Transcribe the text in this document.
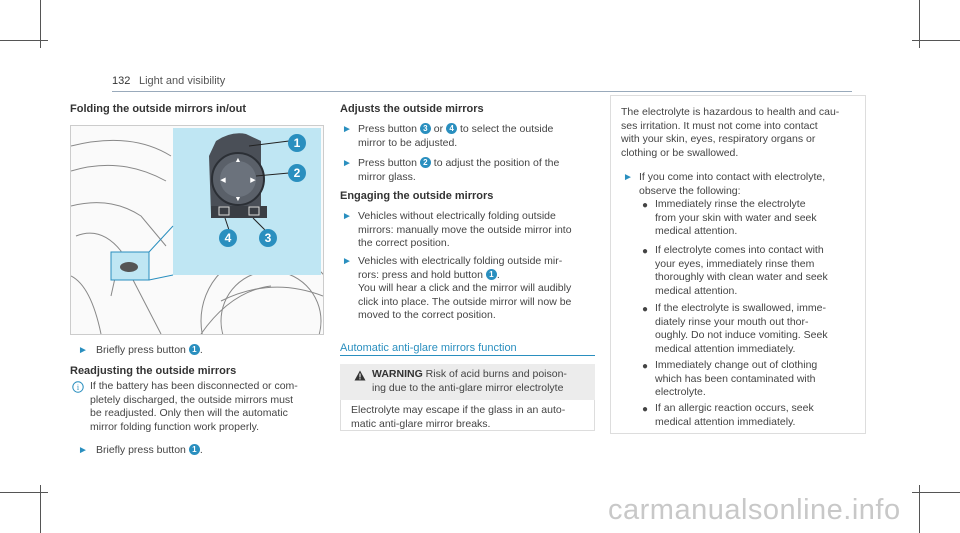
132 Light and visibility
Folding the outside mirrors in/out
▲
▼
◀	▶
1
2
4	3
► Briefly press button 1 .
Readjusting the outside mirrors
i If the battery has been disconnected or com-
pletely discharged, the outside mirrors must
be readjusted. Only then will the automatic
mirror folding function work properly.
► Briefly press button 1 .
Adjusts the outside mirrors
► Press button 3 or 4 to select the outside
mirror to be adjusted.
► Press button 2 to adjust the position of the
mirror glass.
Engaging the outside mirrors
► Vehicles without electrically folding outside
mirrors: manually move the outside mirror into
the correct position.
► Vehicles with electrically folding outside mir-
rors: press and hold button 1 .
You will hear a click and the mirror will audibly
click into place. The outside mirror will now be
moved to the correct position.
Automatic anti-glare mirrors function
WARNING Risk of acid burns and poison-
ing due to the anti-glare mirror electrolyte
Electrolyte may escape if the glass in an auto-
matic anti-glare mirror breaks.
The electrolyte is hazardous to health and cau-
ses irritation. It must not come into contact
with your skin, eyes, respiratory organs or
clothing or be swallowed.
► If you come into contact with electrolyte,
observe the following:
● Immediately rinse the electrolyte
from your skin with water and seek
medical attention.
● If electrolyte comes into contact with
your eyes, immediately rinse them
thoroughly with clean water and seek
medical attention.
● If the electrolyte is swallowed, imme-
diately rinse your mouth out thor-
oughly. Do not induce vomiting. Seek
medical attention immediately.
● Immediately change out of clothing
which has been contaminated with
electrolyte.
● If an allergic reaction occurs, seek
medical attention immediately.
carmanualsonline.info
